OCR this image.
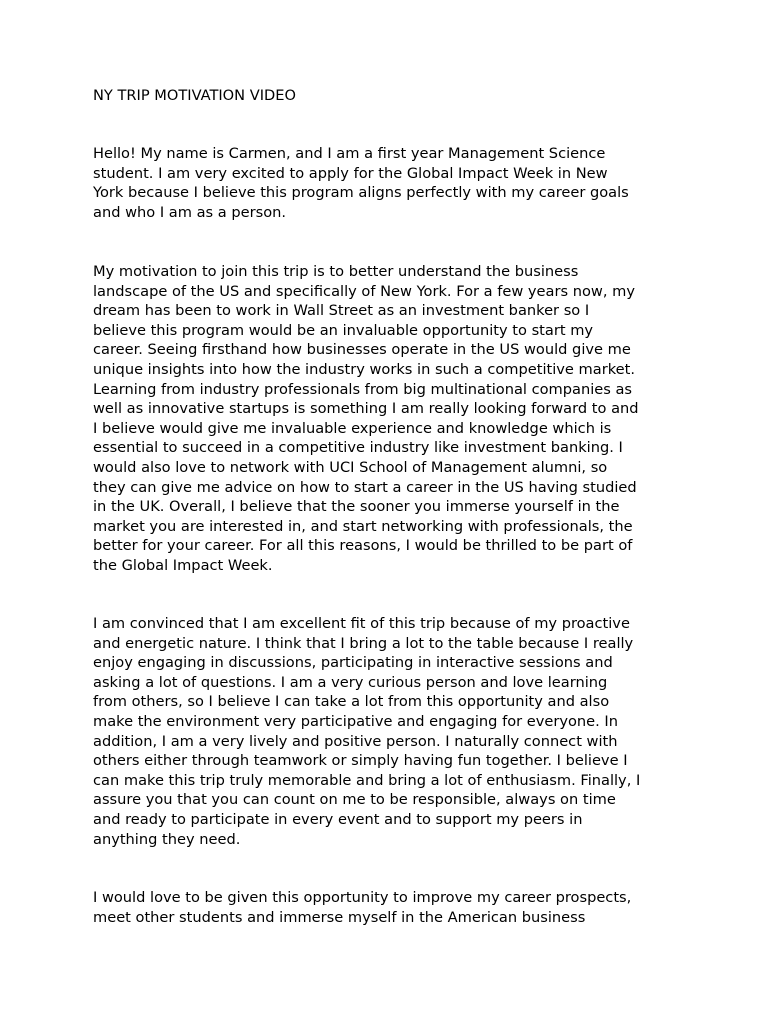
NY TRIP MOTIVATION VIDEO

Hello! My name is Carmen, and I am a first year Management Science
student. I am very excited to apply for the Global Impact Week in New
York because I believe this program aligns perfectly with my career goals
and who I am as a person.

My motivation to join this trip is to better understand the business
landscape of the US and specifically of New York. For a few years now, my
dream has been to work in Wall Street as an investment banker so I
believe this program would be an invaluable opportunity to start my
career. Seeing firsthand how businesses operate in the US would give me
unique insights into how the industry works in such a competitive market.
Learning from industry professionals from big multinational companies as
well as innovative startups is something I am really looking forward to and
I believe would give me invaluable experience and knowledge which is
essential to succeed in a competitive industry like investment banking. I
would also love to network with UCI School of Management alumni, so
they can give me advice on how to start a career in the US having studied
in the UK. Overall, I believe that the sooner you immerse yourself in the
market you are interested in, and start networking with professionals, the
better for your career. For all this reasons, I would be thrilled to be part of
the Global Impact Week.

I am convinced that I am excellent fit of this trip because of my proactive
and energetic nature. I think that I bring a lot to the table because I really
enjoy engaging in discussions, participating in interactive sessions and
asking a lot of questions. I am a very curious person and love learning
from others, so I believe I can take a lot from this opportunity and also
make the environment very participative and engaging for everyone. In
addition, I am a very lively and positive person. I naturally connect with
others either through teamwork or simply having fun together. I believe I
can make this trip truly memorable and bring a lot of enthusiasm. Finally, I
assure you that you can count on me to be responsible, always on time
and ready to participate in every event and to support my peers in
anything they need.

I would love to be given this opportunity to improve my career prospects,
meet other students and immerse myself in the American business
